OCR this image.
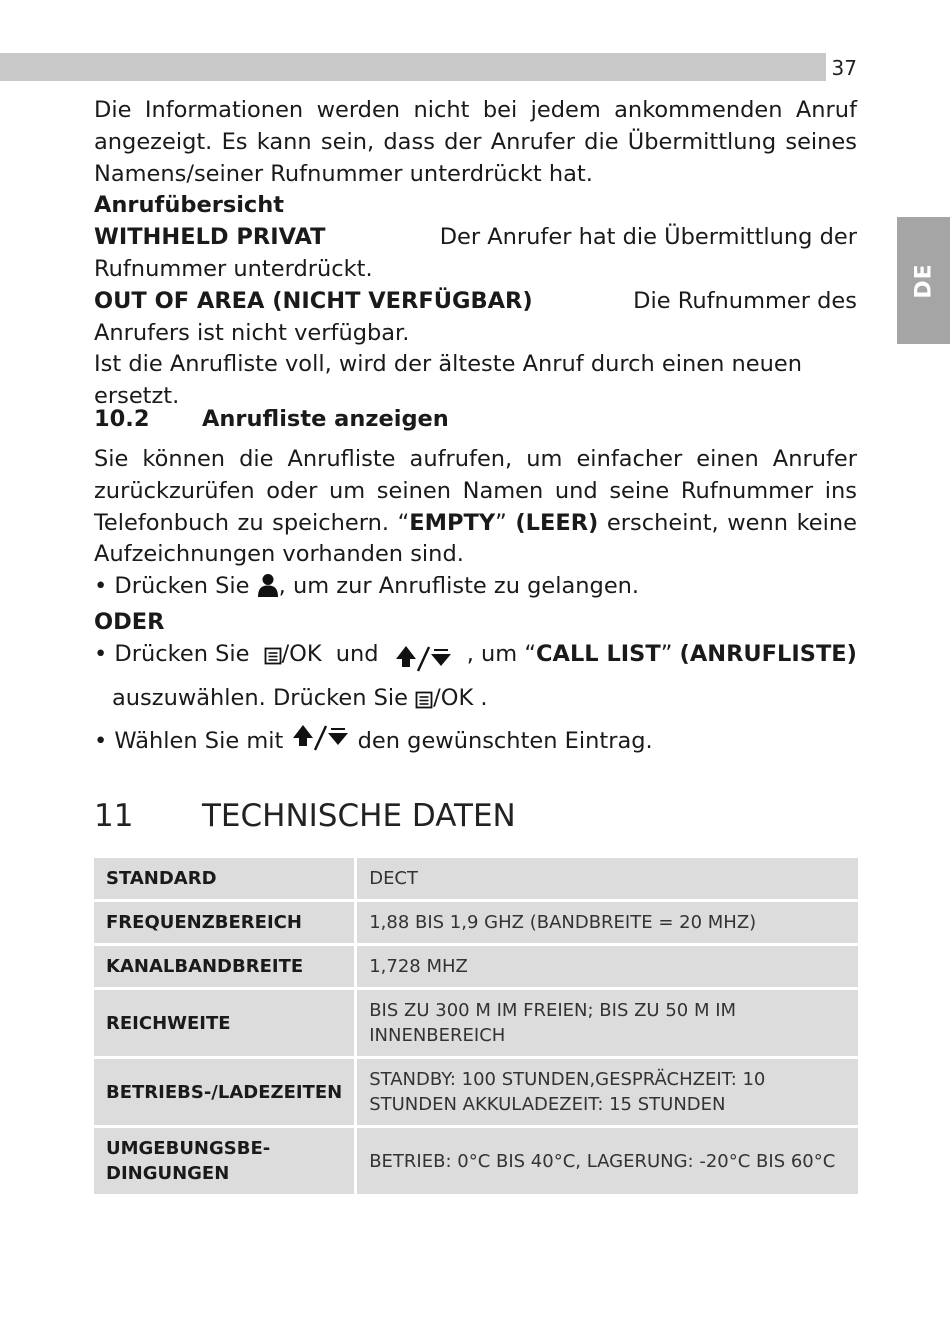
37
DE

Die Informationen werden nicht bei jedem ankommenden Anruf

angezeigt. Es kann sein, dass der Anrufer die Übermittlung seines

Namens/seiner Rufnummer unterdrückt hat.

Anrufübersicht

WITHHELD PRIVAT	Der Anrufer hat die Übermittlung der

Rufnummer unterdrückt.

OUT OF AREA (NICHT VERFÜGBAR)	Die Rufnummer des

Anrufers ist nicht verfügbar.

Ist die Anrufliste voll, wird der älteste Anruf durch einen neuen ersetzt.

10.2 Anrufliste anzeigen

Sie können die Anrufliste aufrufen, um einfacher einen Anrufer

zurückzurüfen oder um seinen Namen und seine Rufnummer ins

Telefonbuch zu speichern. “EMPTY” (LEER) erscheint, wenn keine

Aufzeichnungen vorhanden sind.

• Drücken Sie , um zur Anrufliste zu gelangen.

ODER

• Drücken Sie	/OK und	, um “CALL LIST” (ANRUFLISTE)

auszuwählen. Drücken Sie /OK .

• Wählen Sie mit	den gewünschten Eintrag.

11 TECHNISCHE DATEN
STANDARD	DECT
FREQUENZBEREICH	1,88 BIS 1,9 GHZ (BANDBREITE = 20 MHZ)
KANALBANDBREITE	1,728 MHZ
REICHWEITE	BIS ZU 300 M IM FREIEN; BIS ZU 50 M IM INNENBEREICH
BETRIEBS-/LADEZEITEN	STANDBY: 100 STUNDEN,GESPRÄCHZEIT: 10 STUNDEN AKKULADEZEIT: 15 STUNDEN
UMGEBUNGSBE-DINGUNGEN	BETRIEB: 0°C BIS 40°C, LAGERUNG: -20°C BIS 60°C
